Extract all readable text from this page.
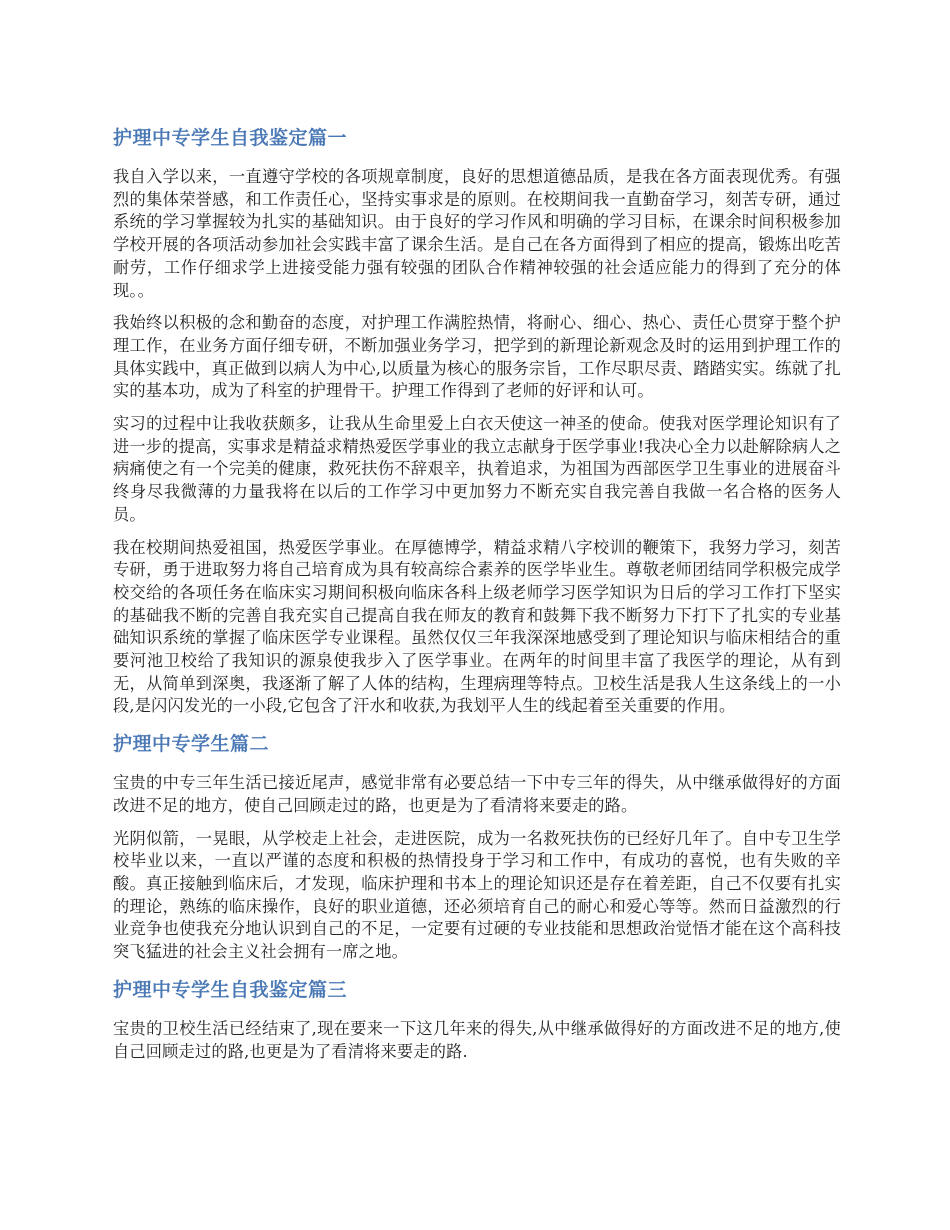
护理中专学生自我鉴定篇一

我自入学以来，一直遵守学校的各项规章制度，良好的思想道德品质，是我在各方面表现优秀。有强烈的集体荣誉感，和工作责任心，坚持实事求是的原则。在校期间我一直勤奋学习，刻苦专研，通过系统的学习掌握较为扎实的基础知识。由于良好的学习作风和明确的学习目标，在课余时间积极参加学校开展的各项活动参加社会实践丰富了课余生活。是自己在各方面得到了相应的提高，锻炼出吃苦耐劳，工作仔细求学上进接受能力强有较强的团队合作精神较强的社会适应能力的得到了充分的体现。。

我始终以积极的念和勤奋的态度，对护理工作满腔热情，将耐心、细心、热心、责任心贯穿于整个护理工作，在业务方面仔细专研，不断加强业务学习，把学到的新理论新观念及时的运用到护理工作的具体实践中，真正做到以病人为中心,以质量为核心的服务宗旨，工作尽职尽责、踏踏实实。练就了扎实的基本功，成为了科室的护理骨干。护理工作得到了老师的好评和认可。

实习的过程中让我收获颇多，让我从生命里爱上白衣天使这一神圣的使命。使我对医学理论知识有了进一步的提高，实事求是精益求精热爱医学事业的我立志献身于医学事业!我决心全力以赴解除病人之病痛使之有一个完美的健康，救死扶伤不辞艰辛，执着追求，为祖国为西部医学卫生事业的进展奋斗终身尽我微薄的力量我将在以后的工作学习中更加努力不断充实自我完善自我做一名合格的医务人员。

我在校期间热爱祖国，热爱医学事业。在厚德博学，精益求精八字校训的鞭策下，我努力学习，刻苦专研，勇于进取努力将自己培育成为具有较高综合素养的医学毕业生。尊敬老师团结同学积极完成学校交给的各项任务在临床实习期间积极向临床各科上级老师学习医学知识为日后的学习工作打下坚实的基础我不断的完善自我充实自己提高自我在师友的教育和鼓舞下我不断努力下打下了扎实的专业基础知识系统的掌握了临床医学专业课程。虽然仅仅三年我深深地感受到了理论知识与临床相结合的重要河池卫校给了我知识的源泉使我步入了医学事业。在两年的时间里丰富了我医学的理论，从有到无，从简单到深奥，我逐渐了解了人体的结构，生理病理等特点。卫校生活是我人生这条线上的一小段,是闪闪发光的一小段,它包含了汗水和收获,为我划平人生的线起着至关重要的作用。

护理中专学生篇二

宝贵的中专三年生活已接近尾声，感觉非常有必要总结一下中专三年的得失，从中继承做得好的方面改进不足的地方，使自己回顾走过的路，也更是为了看清将来要走的路。

光阴似箭，一晃眼，从学校走上社会，走进医院，成为一名救死扶伤的已经好几年了。自中专卫生学校毕业以来，一直以严谨的态度和积极的热情投身于学习和工作中，有成功的喜悦，也有失败的辛酸。真正接触到临床后，才发现，临床护理和书本上的理论知识还是存在着差距，自己不仅要有扎实的理论，熟练的临床操作，良好的职业道德，还必须培育自己的耐心和爱心等等。然而日益激烈的行业竞争也使我充分地认识到自己的不足，一定要有过硬的专业技能和思想政治觉悟才能在这个高科技突飞猛进的社会主义社会拥有一席之地。

护理中专学生自我鉴定篇三

宝贵的卫校生活已经结束了,现在要来一下这几年来的得失,从中继承做得好的方面改进不足的地方,使自己回顾走过的路,也更是为了看清将来要走的路.
